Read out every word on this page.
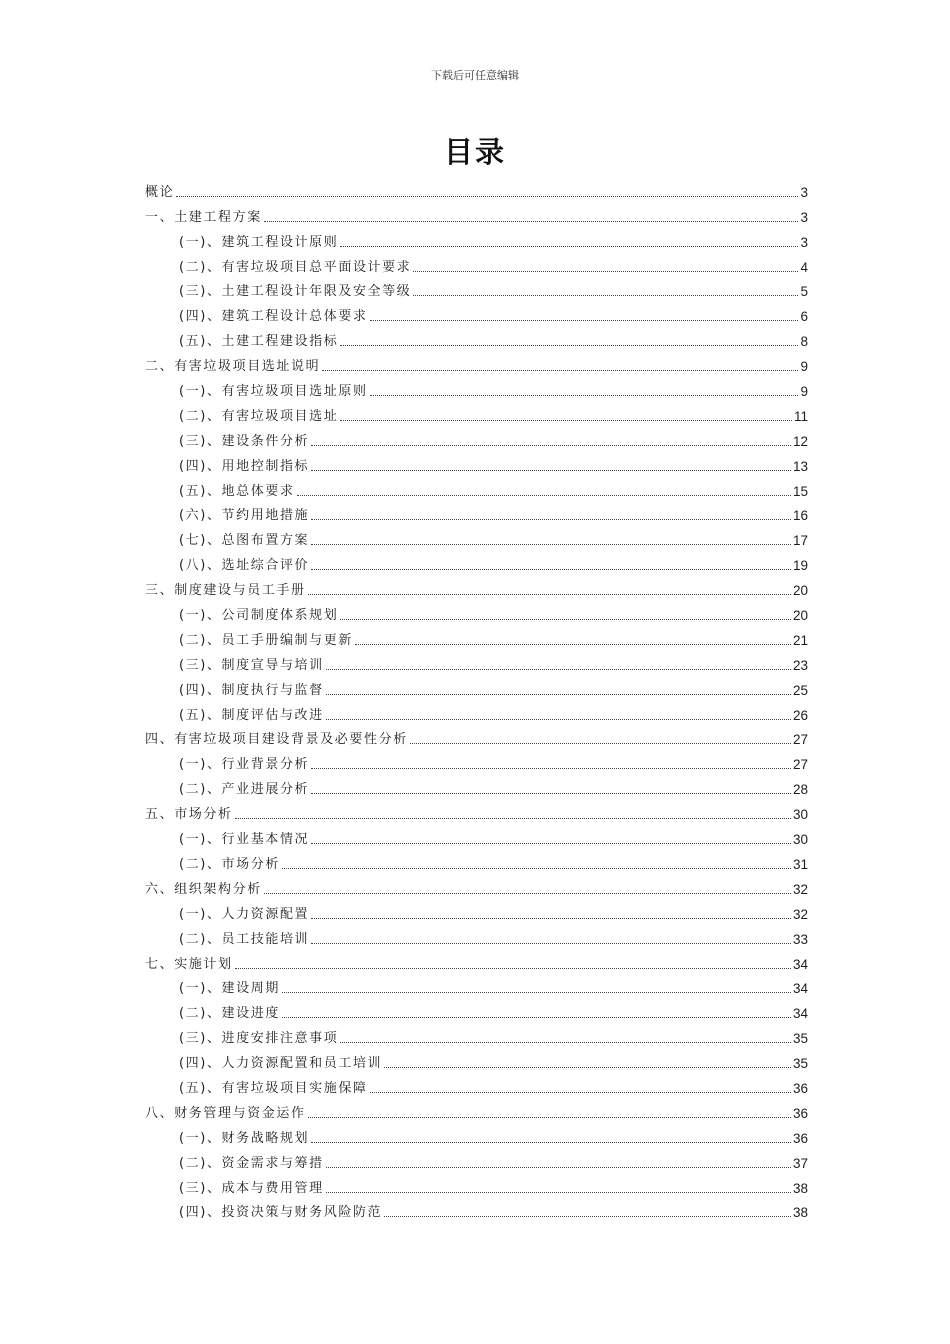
下载后可任意编辑
目录
概论	3
一、土建工程方案	3
(一)、建筑工程设计原则	3
(二)、有害垃圾项目总平面设计要求	4
(三)、土建工程设计年限及安全等级	5
(四)、建筑工程设计总体要求	6
(五)、土建工程建设指标	8
二、有害垃圾项目选址说明	9
(一)、有害垃圾项目选址原则	9
(二)、有害垃圾项目选址	11
(三)、建设条件分析	12
(四)、用地控制指标	13
(五)、地总体要求	15
(六)、节约用地措施	16
(七)、总图布置方案	17
(八)、选址综合评价	19
三、制度建设与员工手册	20
(一)、公司制度体系规划	20
(二)、员工手册编制与更新	21
(三)、制度宣导与培训	23
(四)、制度执行与监督	25
(五)、制度评估与改进	26
四、有害垃圾项目建设背景及必要性分析	27
(一)、行业背景分析	27
(二)、产业进展分析	28
五、市场分析	30
(一)、行业基本情况	30
(二)、市场分析	31
六、组织架构分析	32
(一)、人力资源配置	32
(二)、员工技能培训	33
七、实施计划	34
(一)、建设周期	34
(二)、建设进度	34
(三)、进度安排注意事项	35
(四)、人力资源配置和员工培训	35
(五)、有害垃圾项目实施保障	36
八、财务管理与资金运作	36
(一)、财务战略规划	36
(二)、资金需求与筹措	37
(三)、成本与费用管理	38
(四)、投资决策与财务风险防范	38
